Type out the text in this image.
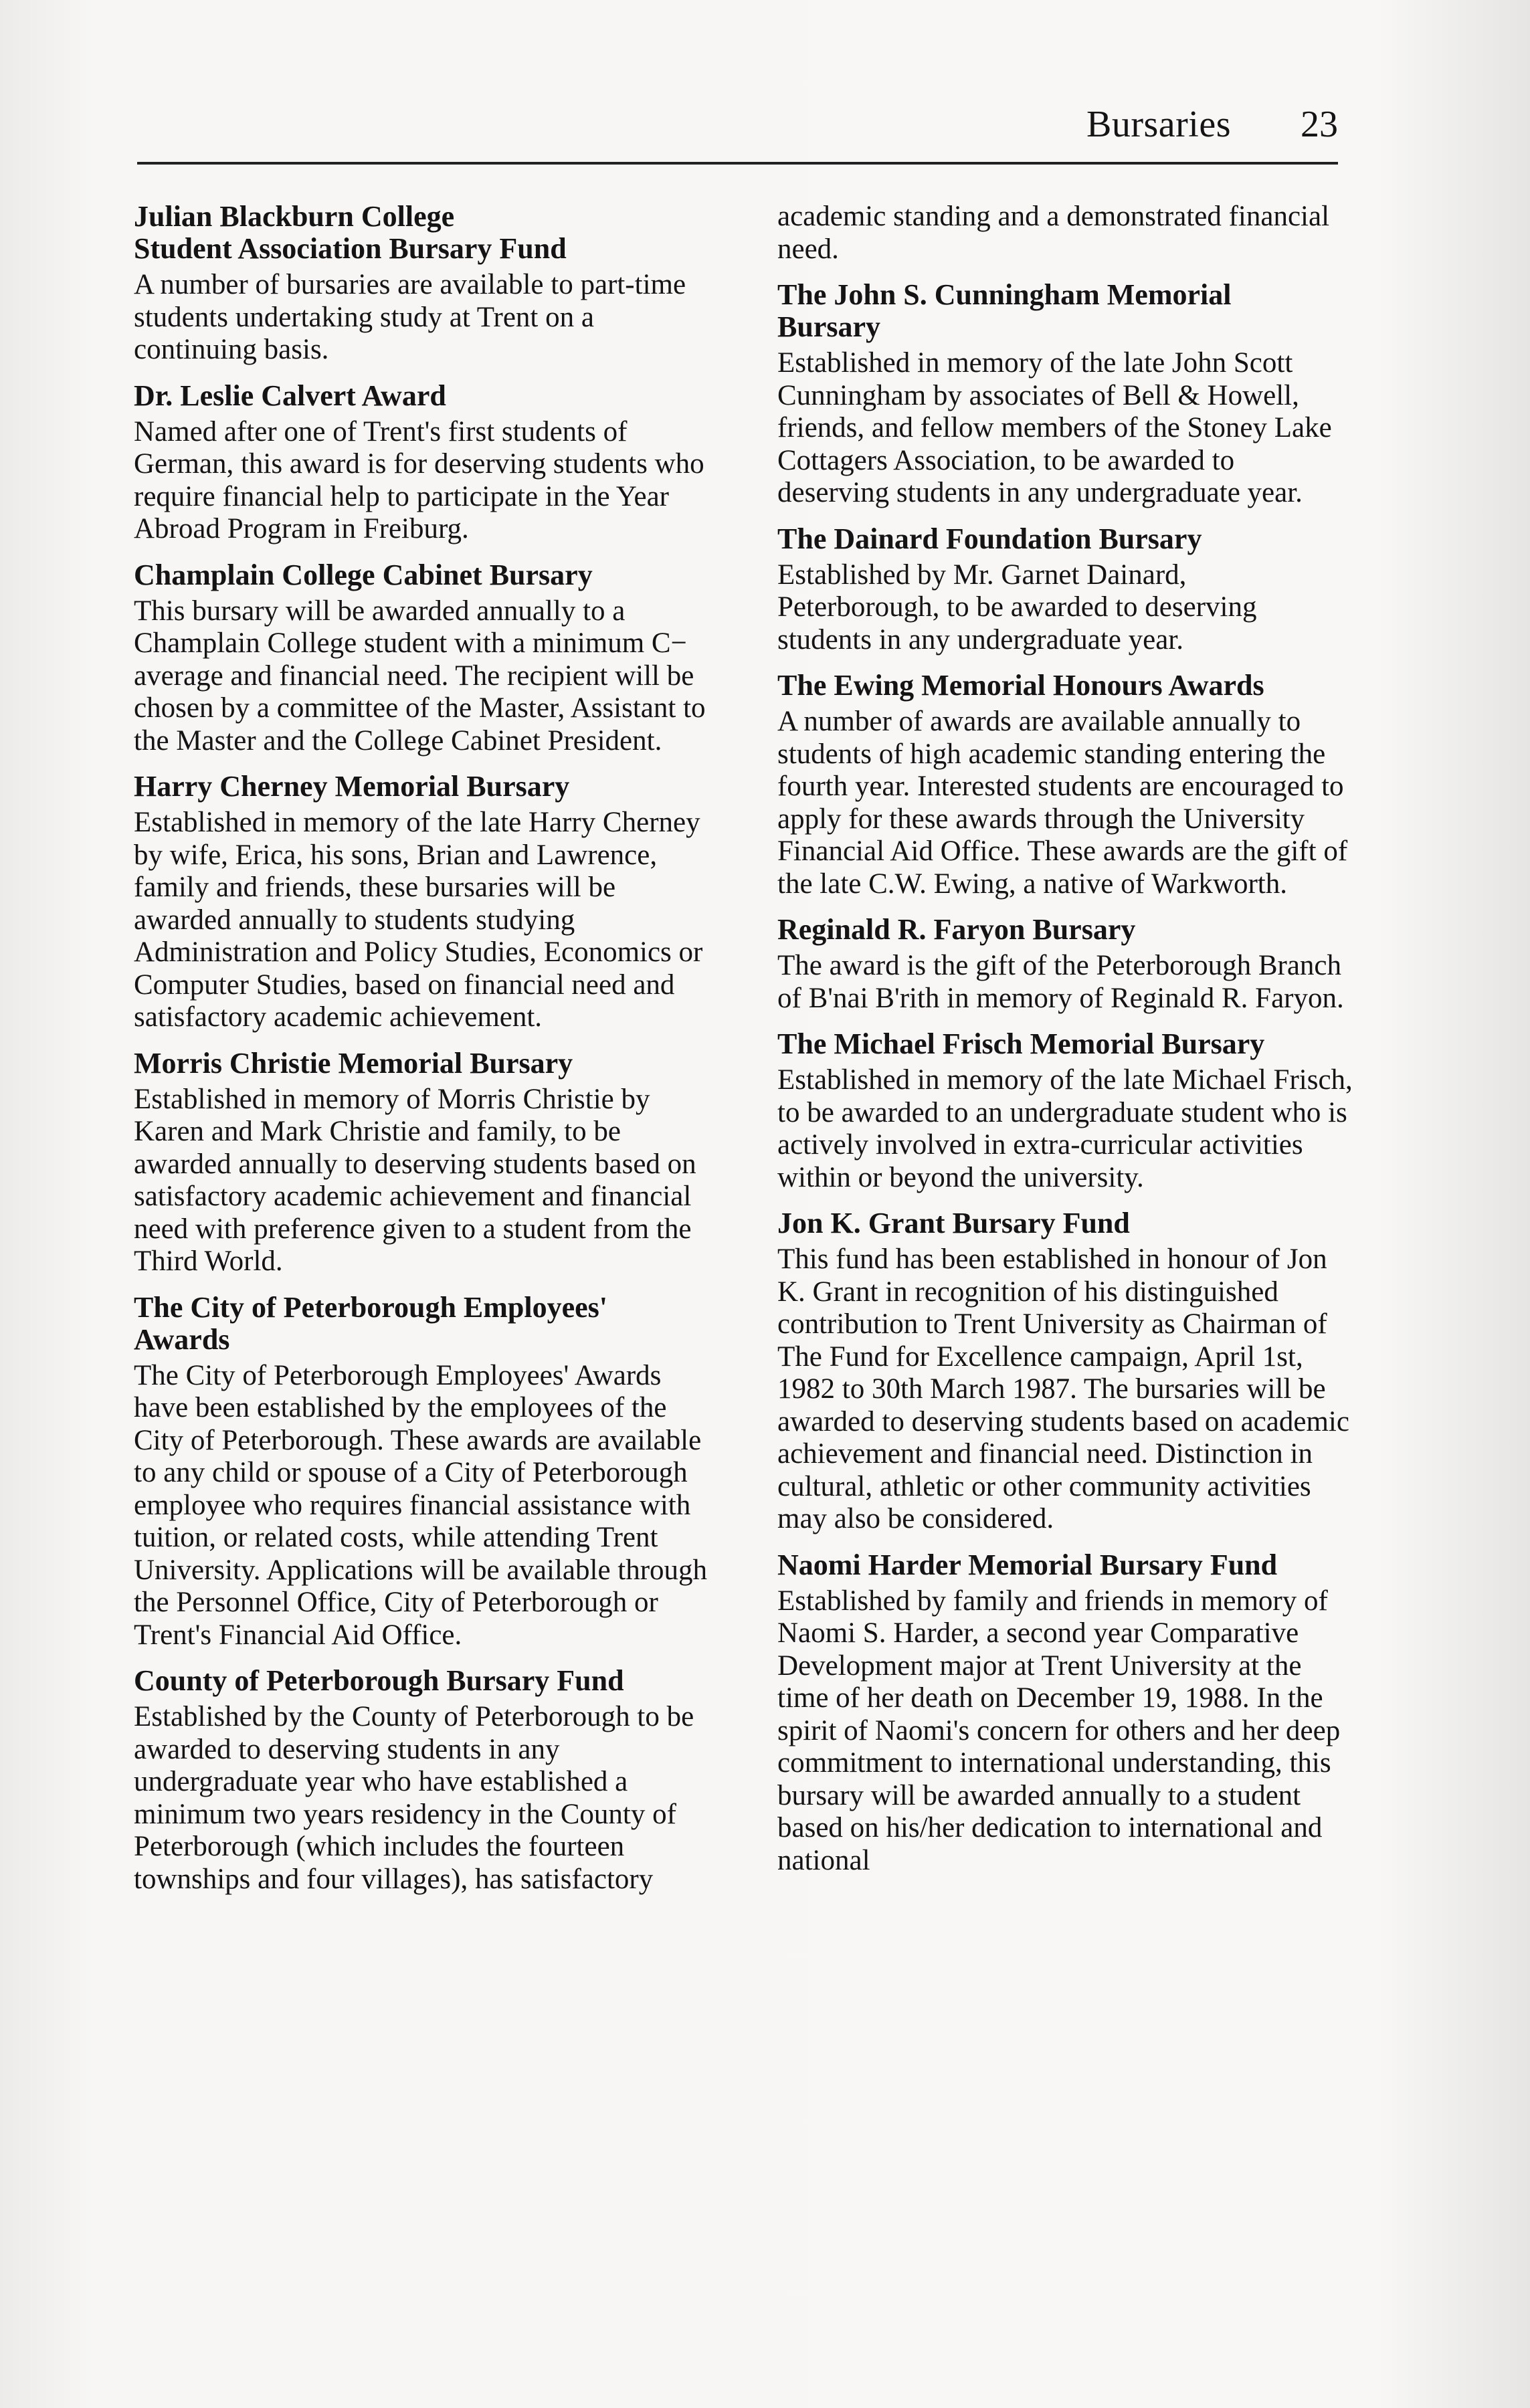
Bursaries 23
Julian Blackburn College
Student Association Bursary Fund

A number of bursaries are available to part-time students undertaking study at Trent on a continuing basis.

Dr. Leslie Calvert Award

Named after one of Trent's first students of German, this award is for deserving students who require financial help to participate in the Year Abroad Program in Freiburg.

Champlain College Cabinet Bursary

This bursary will be awarded annually to a Champlain College student with a minimum C− average and financial need. The recipient will be chosen by a committee of the Master, Assistant to the Master and the College Cabinet President.

Harry Cherney Memorial Bursary

Established in memory of the late Harry Cherney by wife, Erica, his sons, Brian and Lawrence, family and friends, these bursaries will be awarded annually to students studying Administration and Policy Studies, Economics or Computer Studies, based on financial need and satisfactory academic achievement.

Morris Christie Memorial Bursary

Established in memory of Morris Christie by Karen and Mark Christie and family, to be awarded annually to deserving students based on satisfactory academic achievement and financial need with preference given to a student from the Third World.

The City of Peterborough Employees'
Awards

The City of Peterborough Employees' Awards have been established by the employees of the City of Peterborough. These awards are available to any child or spouse of a City of Peterborough employee who requires financial assistance with tuition, or related costs, while attending Trent University. Applications will be available through the Personnel Office, City of Peterborough or Trent's Financial Aid Office.

County of Peterborough Bursary Fund

Established by the County of Peterborough to be awarded to deserving students in any undergraduate year who have established a minimum two years residency in the County of Peterborough (which includes the fourteen townships and four villages), has satisfactory

academic standing and a demonstrated financial need.

The John S. Cunningham Memorial
Bursary

Established in memory of the late John Scott Cunningham by associates of Bell & Howell, friends, and fellow members of the Stoney Lake Cottagers Association, to be awarded to deserving students in any undergraduate year.

The Dainard Foundation Bursary

Established by Mr. Garnet Dainard, Peterborough, to be awarded to deserving students in any undergraduate year.

The Ewing Memorial Honours Awards

A number of awards are available annually to students of high academic standing entering the fourth year. Interested students are encouraged to apply for these awards through the University Financial Aid Office. These awards are the gift of the late C.W. Ewing, a native of Warkworth.

Reginald R. Faryon Bursary

The award is the gift of the Peterborough Branch of B'nai B'rith in memory of Reginald R. Faryon.

The Michael Frisch Memorial Bursary

Established in memory of the late Michael Frisch, to be awarded to an undergraduate student who is actively involved in extra-curricular activities within or beyond the university.

Jon K. Grant Bursary Fund

This fund has been established in honour of Jon K. Grant in recognition of his distinguished contribution to Trent University as Chairman of The Fund for Excellence campaign, April 1st, 1982 to 30th March 1987. The bursaries will be awarded to deserving students based on academic achievement and financial need. Distinction in cultural, athletic or other community activities may also be considered.

Naomi Harder Memorial Bursary Fund

Established by family and friends in memory of Naomi S. Harder, a second year Comparative Development major at Trent University at the time of her death on December 19, 1988. In the spirit of Naomi's concern for others and her deep commitment to international understanding, this bursary will be awarded annually to a student based on his/her dedication to international and national
